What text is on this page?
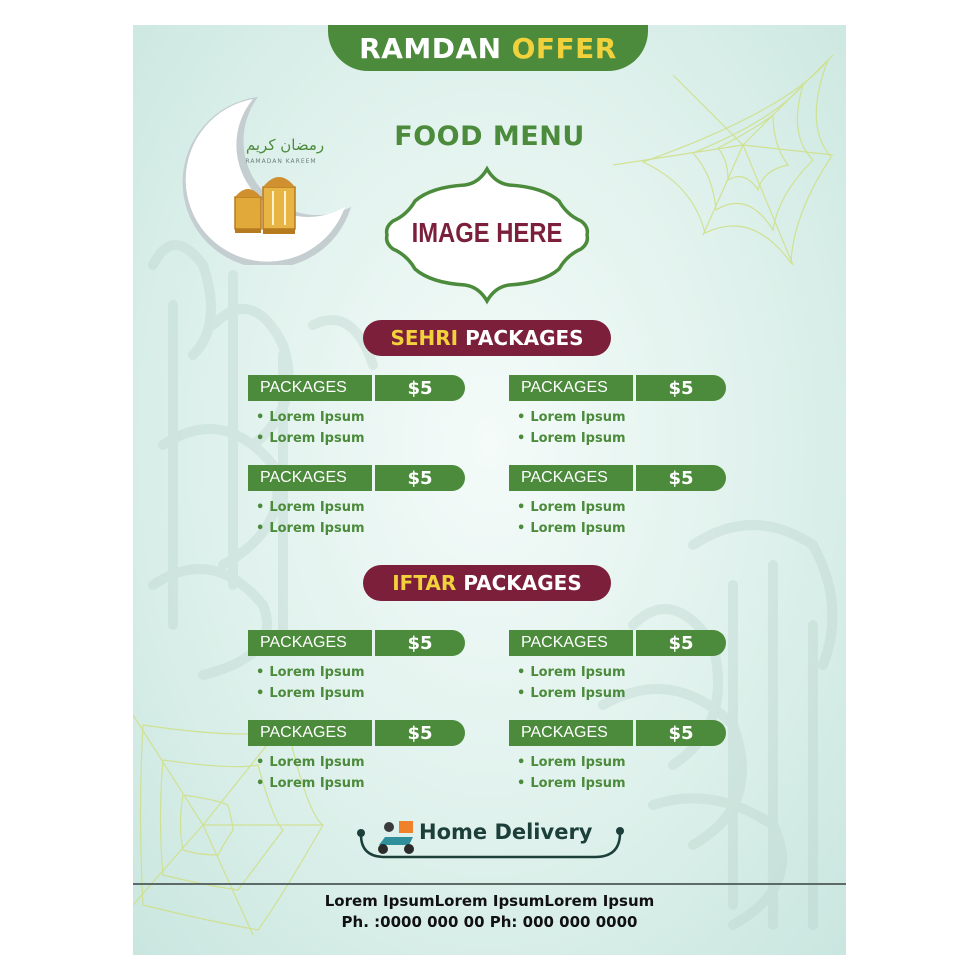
RAMDAN OFFER
رمضان كريم
RAMADAN KAREEM
FOOD MENU
IMAGE HERE
SEHRI PACKAGES
PACKAGES	$5
• Lorem Ipsum
• Lorem Ipsum
PACKAGES	$5
• Lorem Ipsum
• Lorem Ipsum
PACKAGES	$5
• Lorem Ipsum
• Lorem Ipsum
PACKAGES	$5
• Lorem Ipsum
• Lorem Ipsum
IFTAR PACKAGES
PACKAGES	$5
• Lorem Ipsum
• Lorem Ipsum
PACKAGES	$5
• Lorem Ipsum
• Lorem Ipsum
PACKAGES	$5
• Lorem Ipsum
• Lorem Ipsum
PACKAGES	$5
• Lorem Ipsum
• Lorem Ipsum
Home Delivery
Lorem IpsumLorem IpsumLorem Ipsum
Ph. :0000 000 00 Ph: 000 000 0000
